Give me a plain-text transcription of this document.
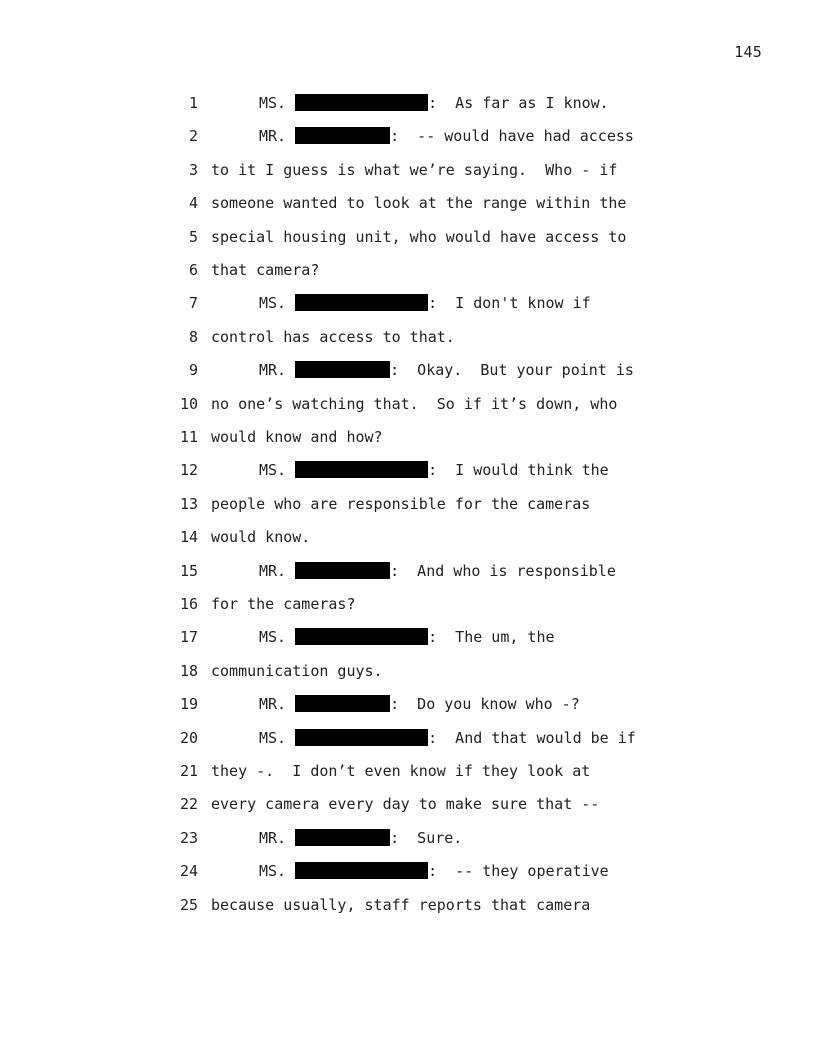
145
1	MS.	:  As far as I know.
2	MR.	:  -- would have had access
3 to it I guess is what we’re saying.  Who - if
4 someone wanted to look at the range within the
5 special housing unit, who would have access to
6 that camera?
7	MS.	:  I don't know if
8 control has access to that.
9	MR.	:  Okay.  But your point is
10 no one’s watching that.  So if it’s down, who
11 would know and how?
12	MS.	:  I would think the
13 people who are responsible for the cameras
14 would know.
15	MR.	:  And who is responsible
16 for the cameras?
17	MS.	:  The um, the
18 communication guys.
19	MR.	:  Do you know who -?
20	MS.	:  And that would be if
21 they -.  I don’t even know if they look at
22 every camera every day to make sure that --
23	MR.	:  Sure.
24	MS.	:  -- they operative
25 because usually, staff reports that camera
